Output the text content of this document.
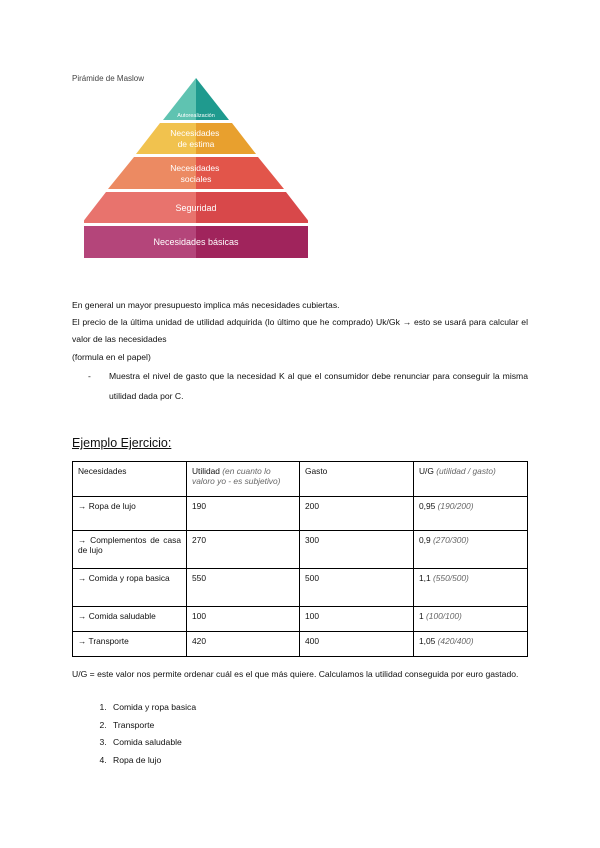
Pirámide de Maslow
Autorealización
Necesidades de estima
Necesidades sociales
Seguridad
Necesidades básicas
En general un mayor presupuesto implica más necesidades cubiertas.
El precio de la última unidad de utilidad adquirida (lo último que he comprado) Uk/Gk → esto se usará para calcular el valor de las necesidades
(formula en el papel)
- Muestra el nivel de gasto que la necesidad K al que el consumidor debe renunciar para conseguir la misma utilidad dada por C.
Ejemplo Ejercicio:
Necesidades	Utilidad (en cuanto lo valoro yo - es subjetivo)	Gasto	U/G (utilidad / gasto)
→ Ropa de lujo	190	200	0,95 (190/200)

→ Complementos de casa de lujo	270	300	0,9 (270/300)

→ Comida y ropa basica	550	500	1,1 (550/500)
→ Comida saludable	100	100	1 (100/100)
→ Transporte	420	400	1,05 (420/400)
U/G = este valor nos permite ordenar cuál es el que más quiere. Calculamos la utilidad conseguida por euro gastado.
1. Comida y ropa basica
2. Transporte
3. Comida saludable
4. Ropa de lujo
